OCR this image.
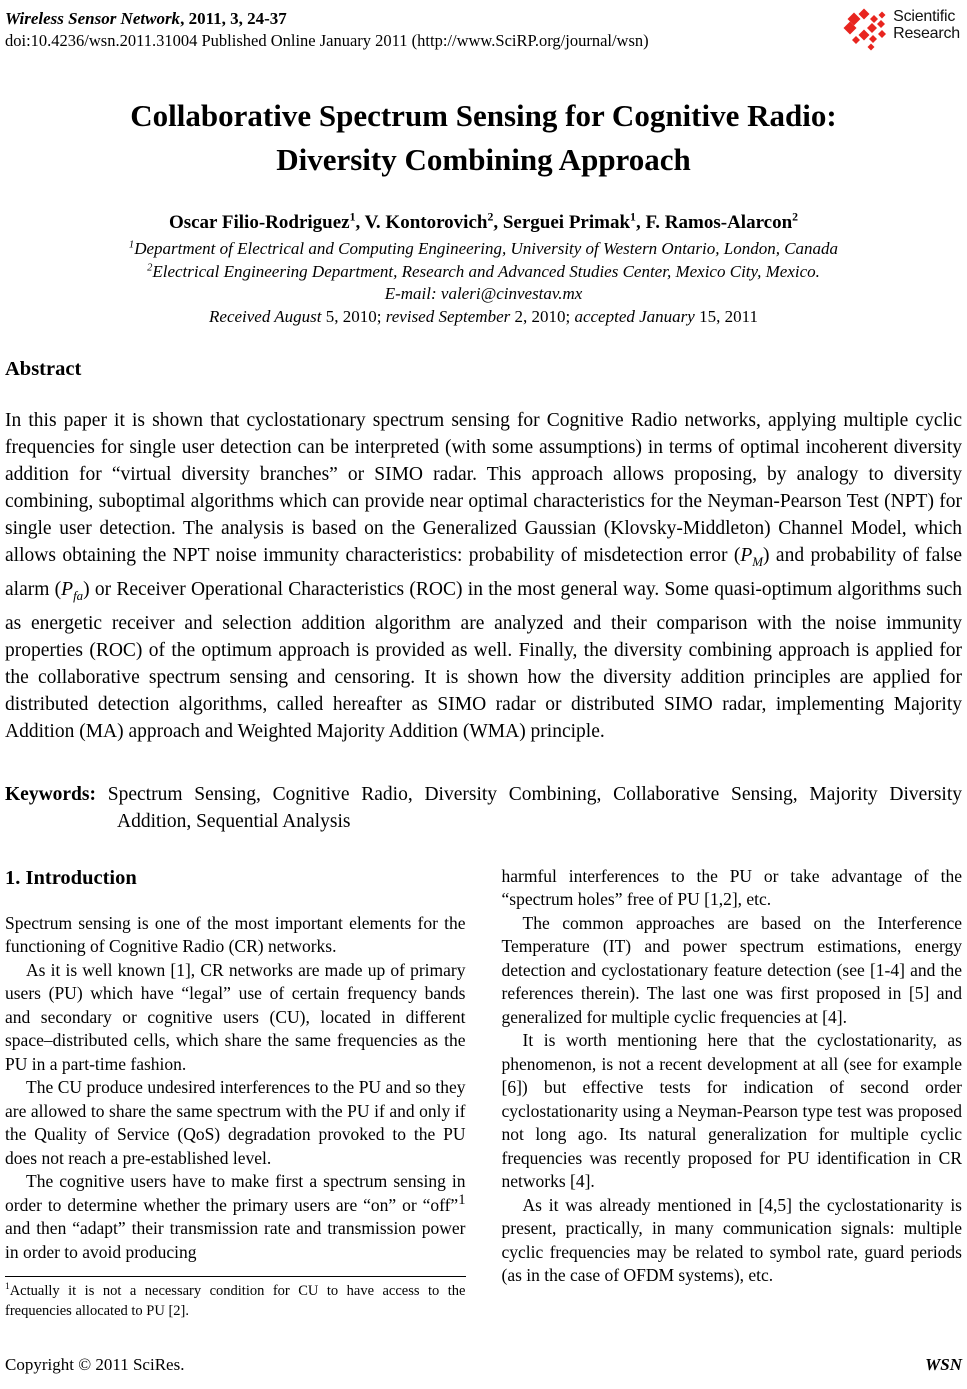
Wireless Sensor Network, 2011, 3, 24-37
doi:10.4236/wsn.2011.31004 Published Online January 2011 (http://www.SciRP.org/journal/wsn)
Scientific
Research
Collaborative Spectrum Sensing for Cognitive Radio:
Diversity Combining Approach
Oscar Filio-Rodriguez$^1$, V. Kontorovich$^2$, Serguei Primak$^1$, F. Ramos-Alarcon$^2$
$^1$Department of Electrical and Computing Engineering, University of Western Ontario, London, Canada
$^2$Electrical Engineering Department, Research and Advanced Studies Center, Mexico City, Mexico.
E-mail: valeri@cinvestav.mx
Received August 5, 2010; revised September 2, 2010; accepted January 15, 2011
Abstract

In this paper it is shown that cyclostationary spectrum sensing for Cognitive Radio networks, applying multiple cyclic frequencies for single user detection can be interpreted (with some assumptions) in terms of optimal incoherent diversity addition for “virtual diversity branches” or SIMO radar. This approach allows proposing, by analogy to diversity combining, suboptimal algorithms which can provide near optimal characteristics for the Neyman-Pearson Test (NPT) for single user detection. The analysis is based on the Generalized Gaussian (Klovsky-Middleton) Channel Model, which allows obtaining the NPT noise immunity characteristics: probability of misdetection error $(P_M)$ and probability of false alarm $(P_{fa})$ or Receiver Operational Characteristics (ROC) in the most general way. Some quasi-optimum algorithms such as energetic receiver and selection addition algorithm are analyzed and their comparison with the noise immunity properties (ROC) of the optimum approach is provided as well. Finally, the diversity combining approach is applied for the collaborative spectrum sensing and censoring. It is shown how the diversity addition principles are applied for distributed detection algorithms, called hereafter as SIMO radar or distributed SIMO radar, implementing Majority Addition (MA) approach and Weighted Majority Addition (WMA) principle.

Keywords: Spectrum Sensing, Cognitive Radio, Diversity Combining, Collaborative Sensing, Majority Diversity Addition, Sequential Analysis

1. Introduction

Spectrum sensing is one of the most important elements for the functioning of Cognitive Radio (CR) networks.

As it is well known [1], CR networks are made up of primary users (PU) which have “legal” use of certain frequency bands and secondary or cognitive users (CU), located in different space–distributed cells, which share the same frequencies as the PU in a part-time fashion.

The CU produce undesired interferences to the PU and so they are allowed to share the same spectrum with the PU if and only if the Quality of Service (QoS) degradation provoked to the PU does not reach a pre-established level.

The cognitive users have to make first a spectrum sensing in order to determine whether the primary users are “on” or “off”$^1$ and then “adapt” their transmission rate and transmission power in order to avoid producing

$^1$Actually it is not a necessary condition for CU to have access to the frequencies allocated to PU [2].

harmful interferences to the PU or take advantage of the “spectrum holes” free of PU [1,2], etc.

The common approaches are based on the Interference Temperature (IT) and power spectrum estimations, energy detection and cyclostationary feature detection (see [1-4] and the references therein). The last one was first proposed in [5] and generalized for multiple cyclic frequencies at [4].

It is worth mentioning here that the cyclostationarity, as phenomenon, is not a recent development at all (see for example [6]) but effective tests for indication of second order cyclostationarity using a Neyman-Pearson type test was proposed not long ago. Its natural generalization for multiple cyclic frequencies was recently proposed for PU identification in CR networks [4].

As it was already mentioned in [4,5] the cyclostationarity is present, practically, in many communication signals: multiple cyclic frequencies may be related to symbol rate, guard periods (as in the case of OFDM systems), etc.

Copyright © 2011 SciRes.	WSN
